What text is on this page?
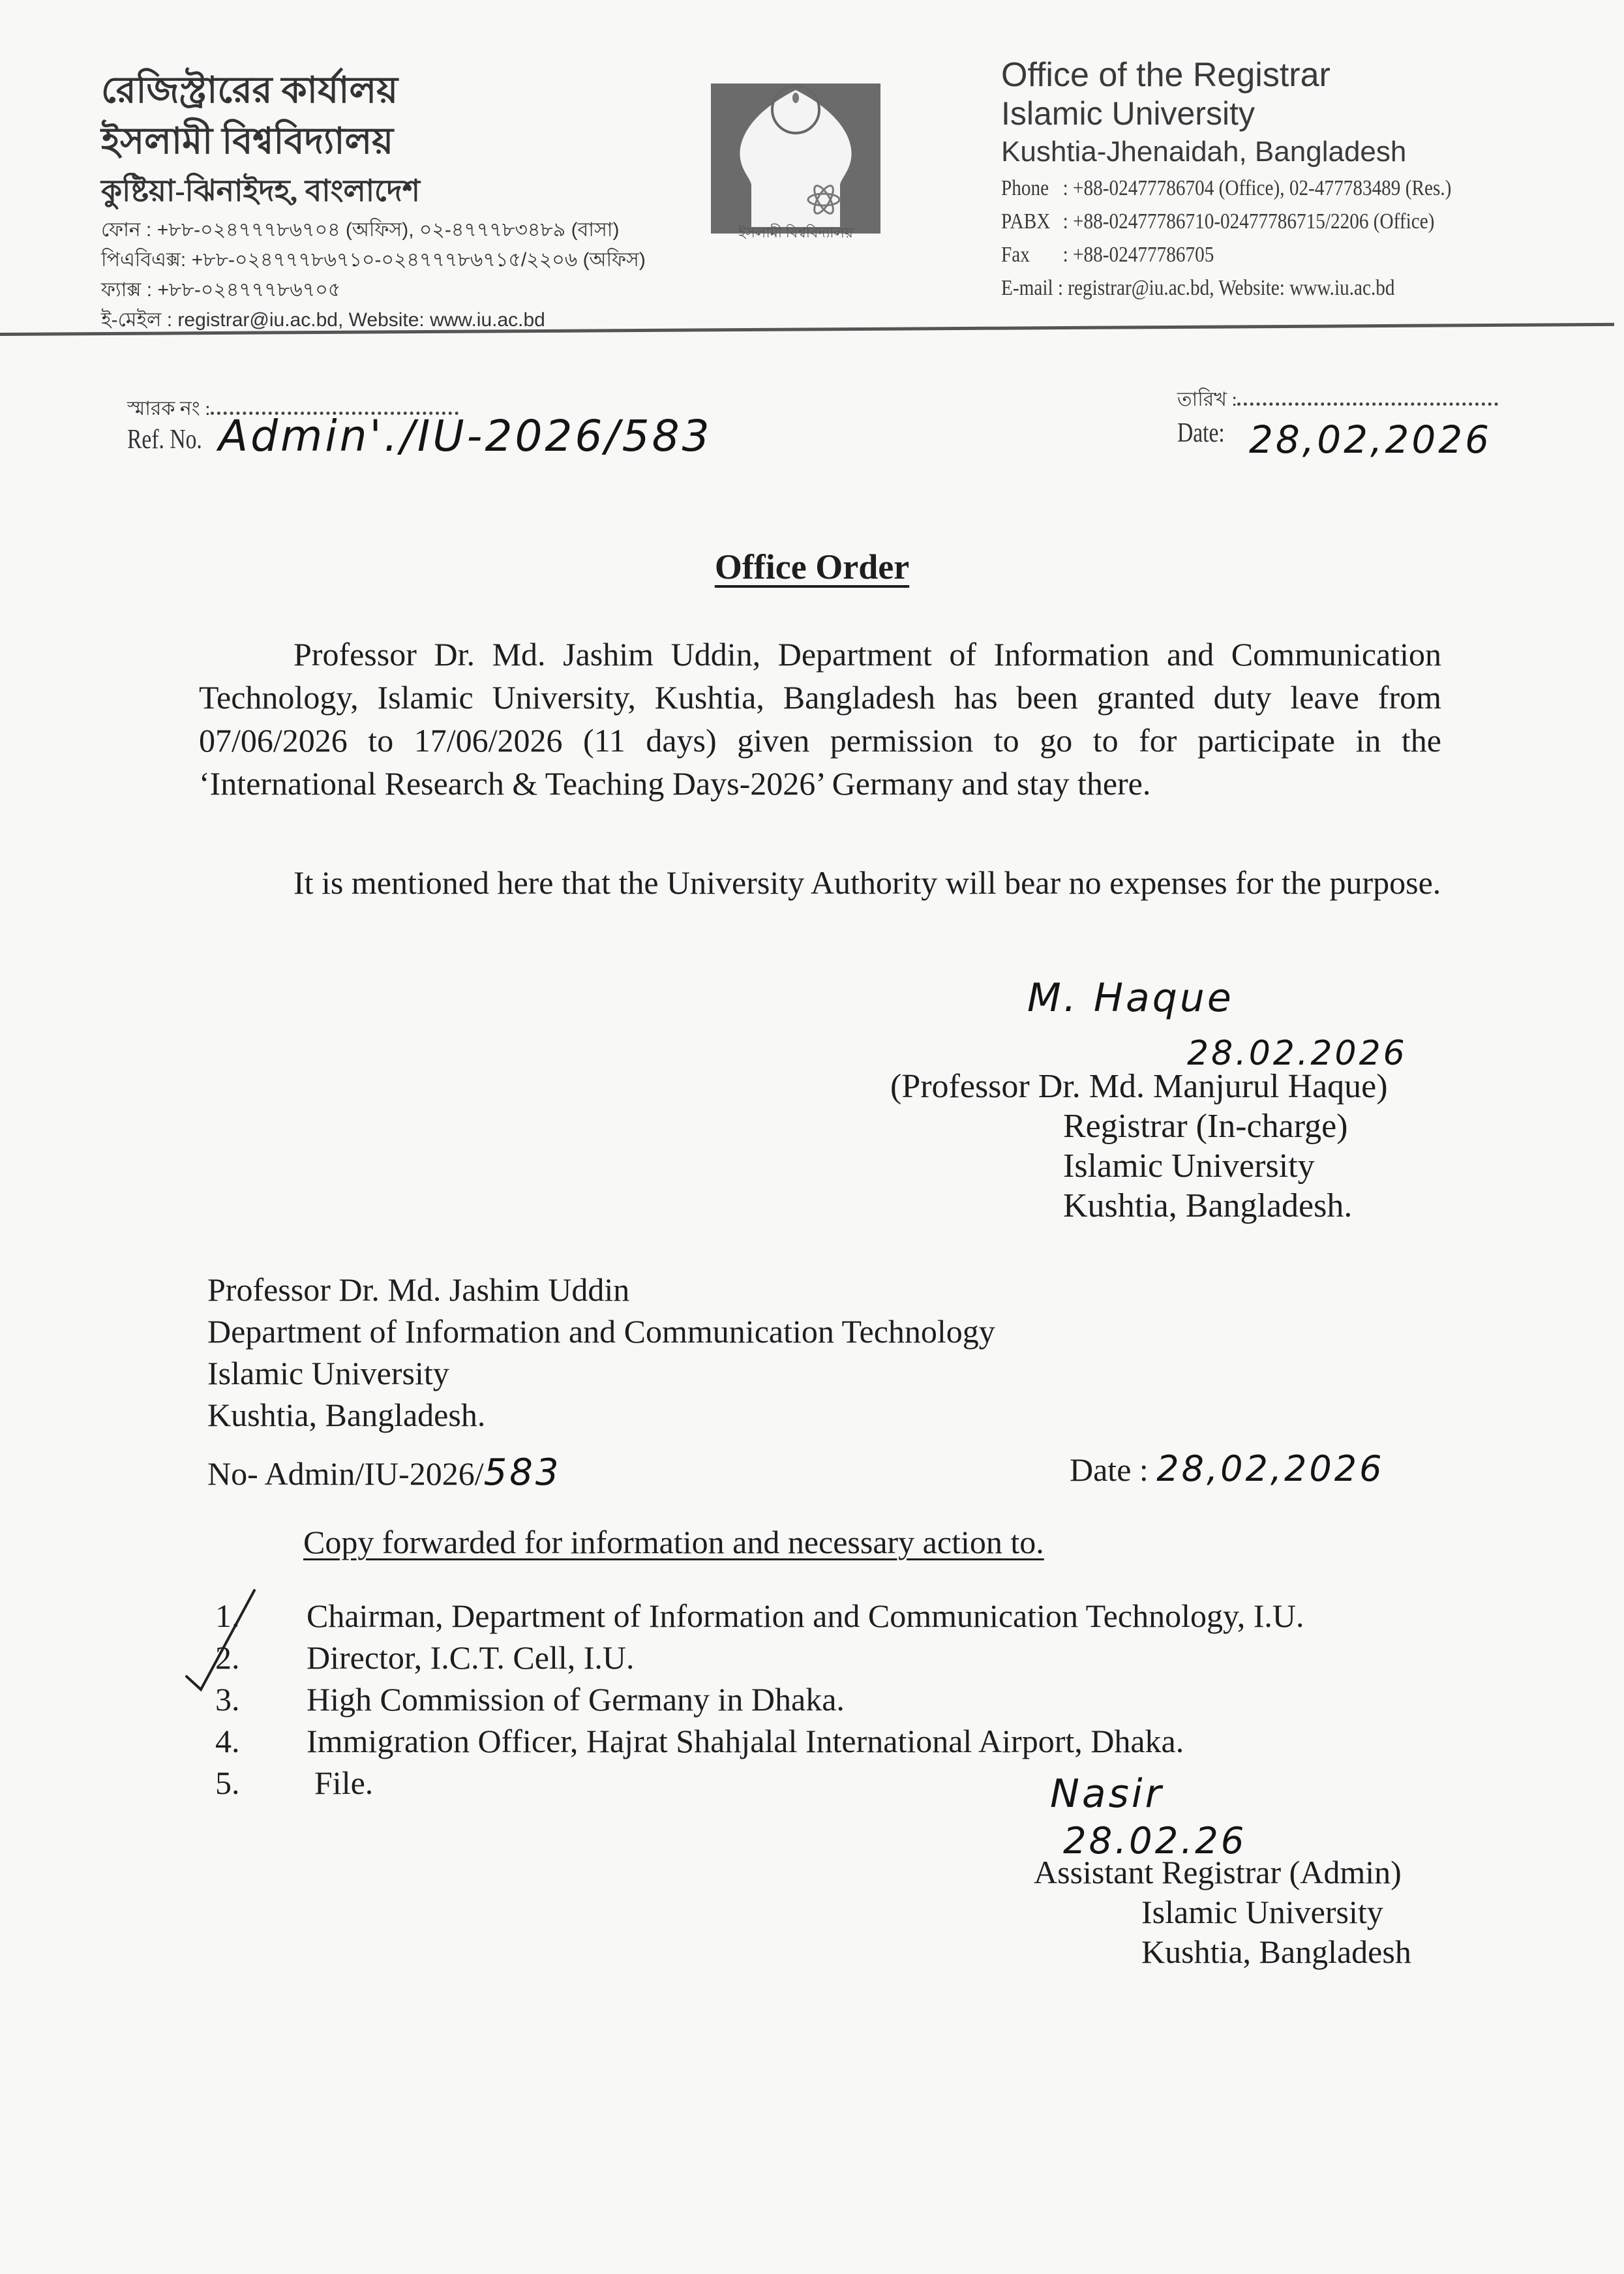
রেজিস্ট্রারের কার্যালয়
ইসলামী বিশ্ববিদ্যালয়
কুষ্টিয়া-ঝিনাইদহ, বাংলাদেশ
ফোন : +৮৮-০২৪৭৭৭৮৬৭০৪ (অফিস), ০২-৪৭৭৭৮৩৪৮৯ (বাসা)
পিএবিএক্স: +৮৮-০২৪৭৭৭৮৬৭১০-০২৪৭৭৭৮৬৭১৫/২২০৬ (অফিস)
ফ্যাক্স : +৮৮-০২৪৭৭৭৮৬৭০৫
ই-মেইল : registrar@iu.ac.bd, Website: www.iu.ac.bd
ইসলামী বিশ্ববিদ্যালয়
Office of the Registrar
Islamic University
Kushtia-Jhenaidah, Bangladesh
Phone : +88-02477786704 (Office), 02-477783489 (Res.)
PABX : +88-02477786710-02477786715/2206 (Office)
Fax	: +88-02477786705
E-mail : registrar@iu.ac.bd, Website: www.iu.ac.bd
স্মারক নং :
Ref. No. Admin'./IU-2026/583
তারিখ :
Date: 28,02,2026
Office Order
Professor Dr. Md. Jashim Uddin, Department of Information and Communication Technology, Islamic University, Kushtia, Bangladesh has been granted duty leave from 07/06/2026 to 17/06/2026 (11 days) given permission to go to for participate in the ‘International Research & Teaching Days-2026’ Germany and stay there.
It is mentioned here that the University Authority will bear no expenses for the purpose.
M. Haque
28.02.2026
(Professor Dr. Md. Manjurul Haque)
Registrar (In-charge)
Islamic University
Kushtia, Bangladesh.
Professor Dr. Md. Jashim Uddin
Department of Information and Communication Technology
Islamic University
Kushtia, Bangladesh.
No- Admin/IU-2026/583	Date : 28,02,2026
Copy forwarded for information and necessary action to.
1.	Chairman, Department of Information and Communication Technology, I.U.
2.	Director, I.C.T. Cell, I.U.
3.	High Commission of Germany in Dhaka.
4.	Immigration Officer, Hajrat Shahjalal International Airport, Dhaka.
5.	File.	Nasir
28.02.26
Assistant Registrar (Admin)
Islamic University
Kushtia, Bangladesh
